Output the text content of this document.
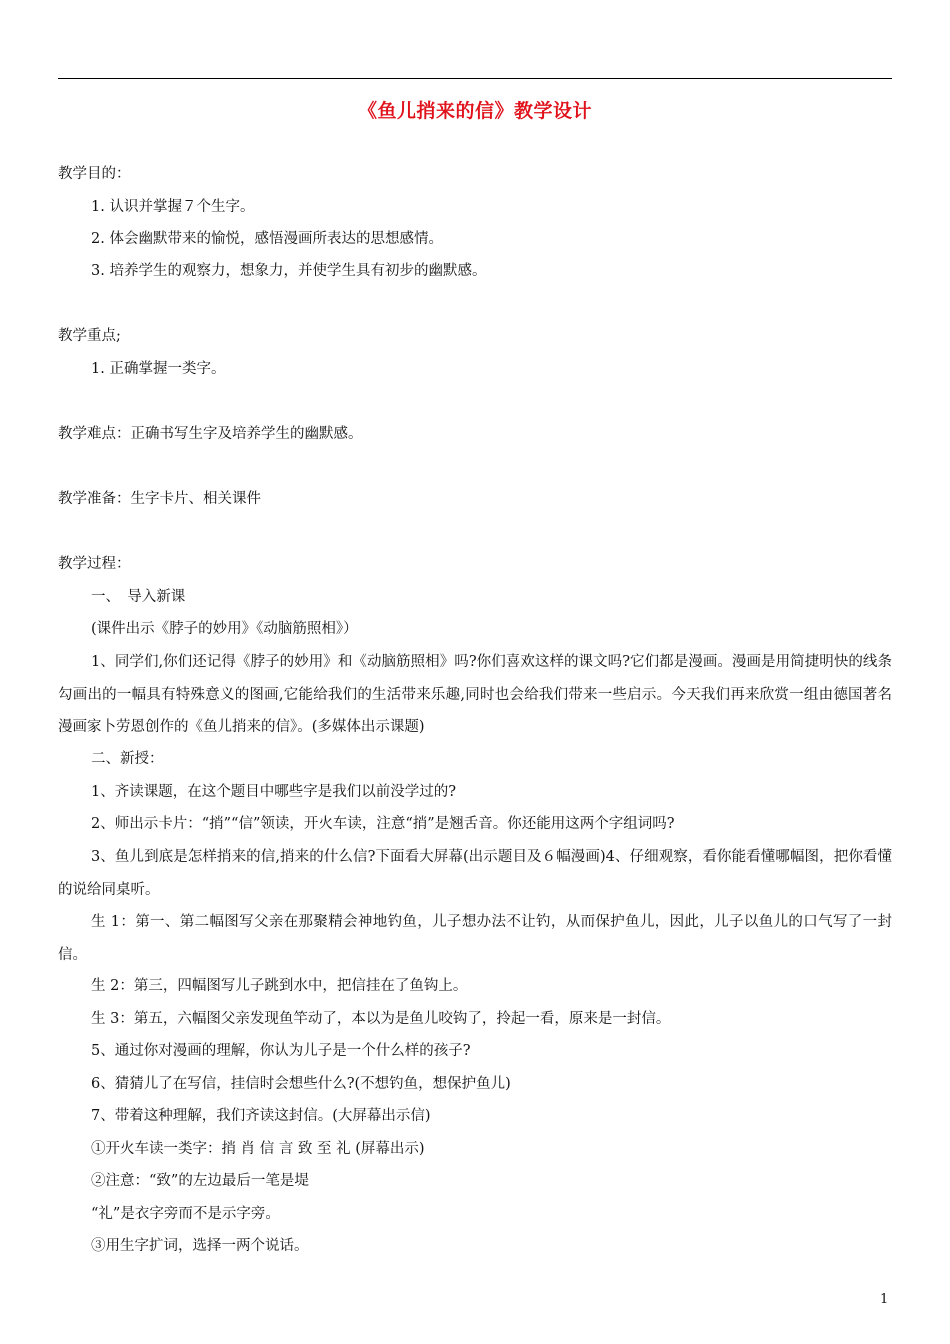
《鱼儿捎来的信》教学设计
教学目的：
1. 认识并掌握７个生字。
2. 体会幽默带来的愉悦，感悟漫画所表达的思想感情。
3. 培养学生的观察力，想象力，并使学生具有初步的幽默感。
教学重点;
1. 正确掌握一类字。
教学难点：正确书写生字及培养学生的幽默感。
教学准备：生字卡片、相关课件
教学过程：
一、　导入新课
(课件出示《脖子的妙用》《动脑筋照相》）
1、同学们,你们还记得《脖子的妙用》和《动脑筋照相》吗?你们喜欢这样的课文吗?它们都是漫画。漫画是用简捷明快的线条勾画出的一幅具有特殊意义的图画,它能给我们的生活带来乐趣,同时也会给我们带来一些启示。今天我们再来欣赏一组由德国著名漫画家卜劳恩创作的《鱼儿捎来的信》。(多媒体出示课题)
二、新授：
1、齐读课题，在这个题目中哪些字是我们以前没学过的?
2、师出示卡片：“捎”“信”领读，开火车读，注意“捎”是翘舌音。你还能用这两个字组词吗?
3、鱼儿到底是怎样捎来的信,捎来的什么信?下面看大屏幕(出示题目及６幅漫画)4、仔细观察，看你能看懂哪幅图，把你看懂的说给同桌听。
生 1：第一、第二幅图写父亲在那聚精会神地钓鱼，儿子想办法不让钓，从而保护鱼儿，因此，儿子以鱼儿的口气写了一封信。
生 2：第三，四幅图写儿子跳到水中，把信挂在了鱼钩上。
生 3：第五，六幅图父亲发现鱼竿动了，本以为是鱼儿咬钩了，拎起一看，原来是一封信。
5、通过你对漫画的理解，你认为儿子是一个什么样的孩子?
6、猜猜儿了在写信，挂信时会想些什么?(不想钓鱼，想保护鱼儿)
7、带着这种理解，我们齐读这封信。(大屏幕出示信)
①开火车读一类字：捎 肖 信 言 致 至 礼 (屏幕出示)
②注意：“致”的左边最后一笔是堤
“礼”是衣字旁而不是示字旁。
③用生字扩词，选择一两个说话。
1
